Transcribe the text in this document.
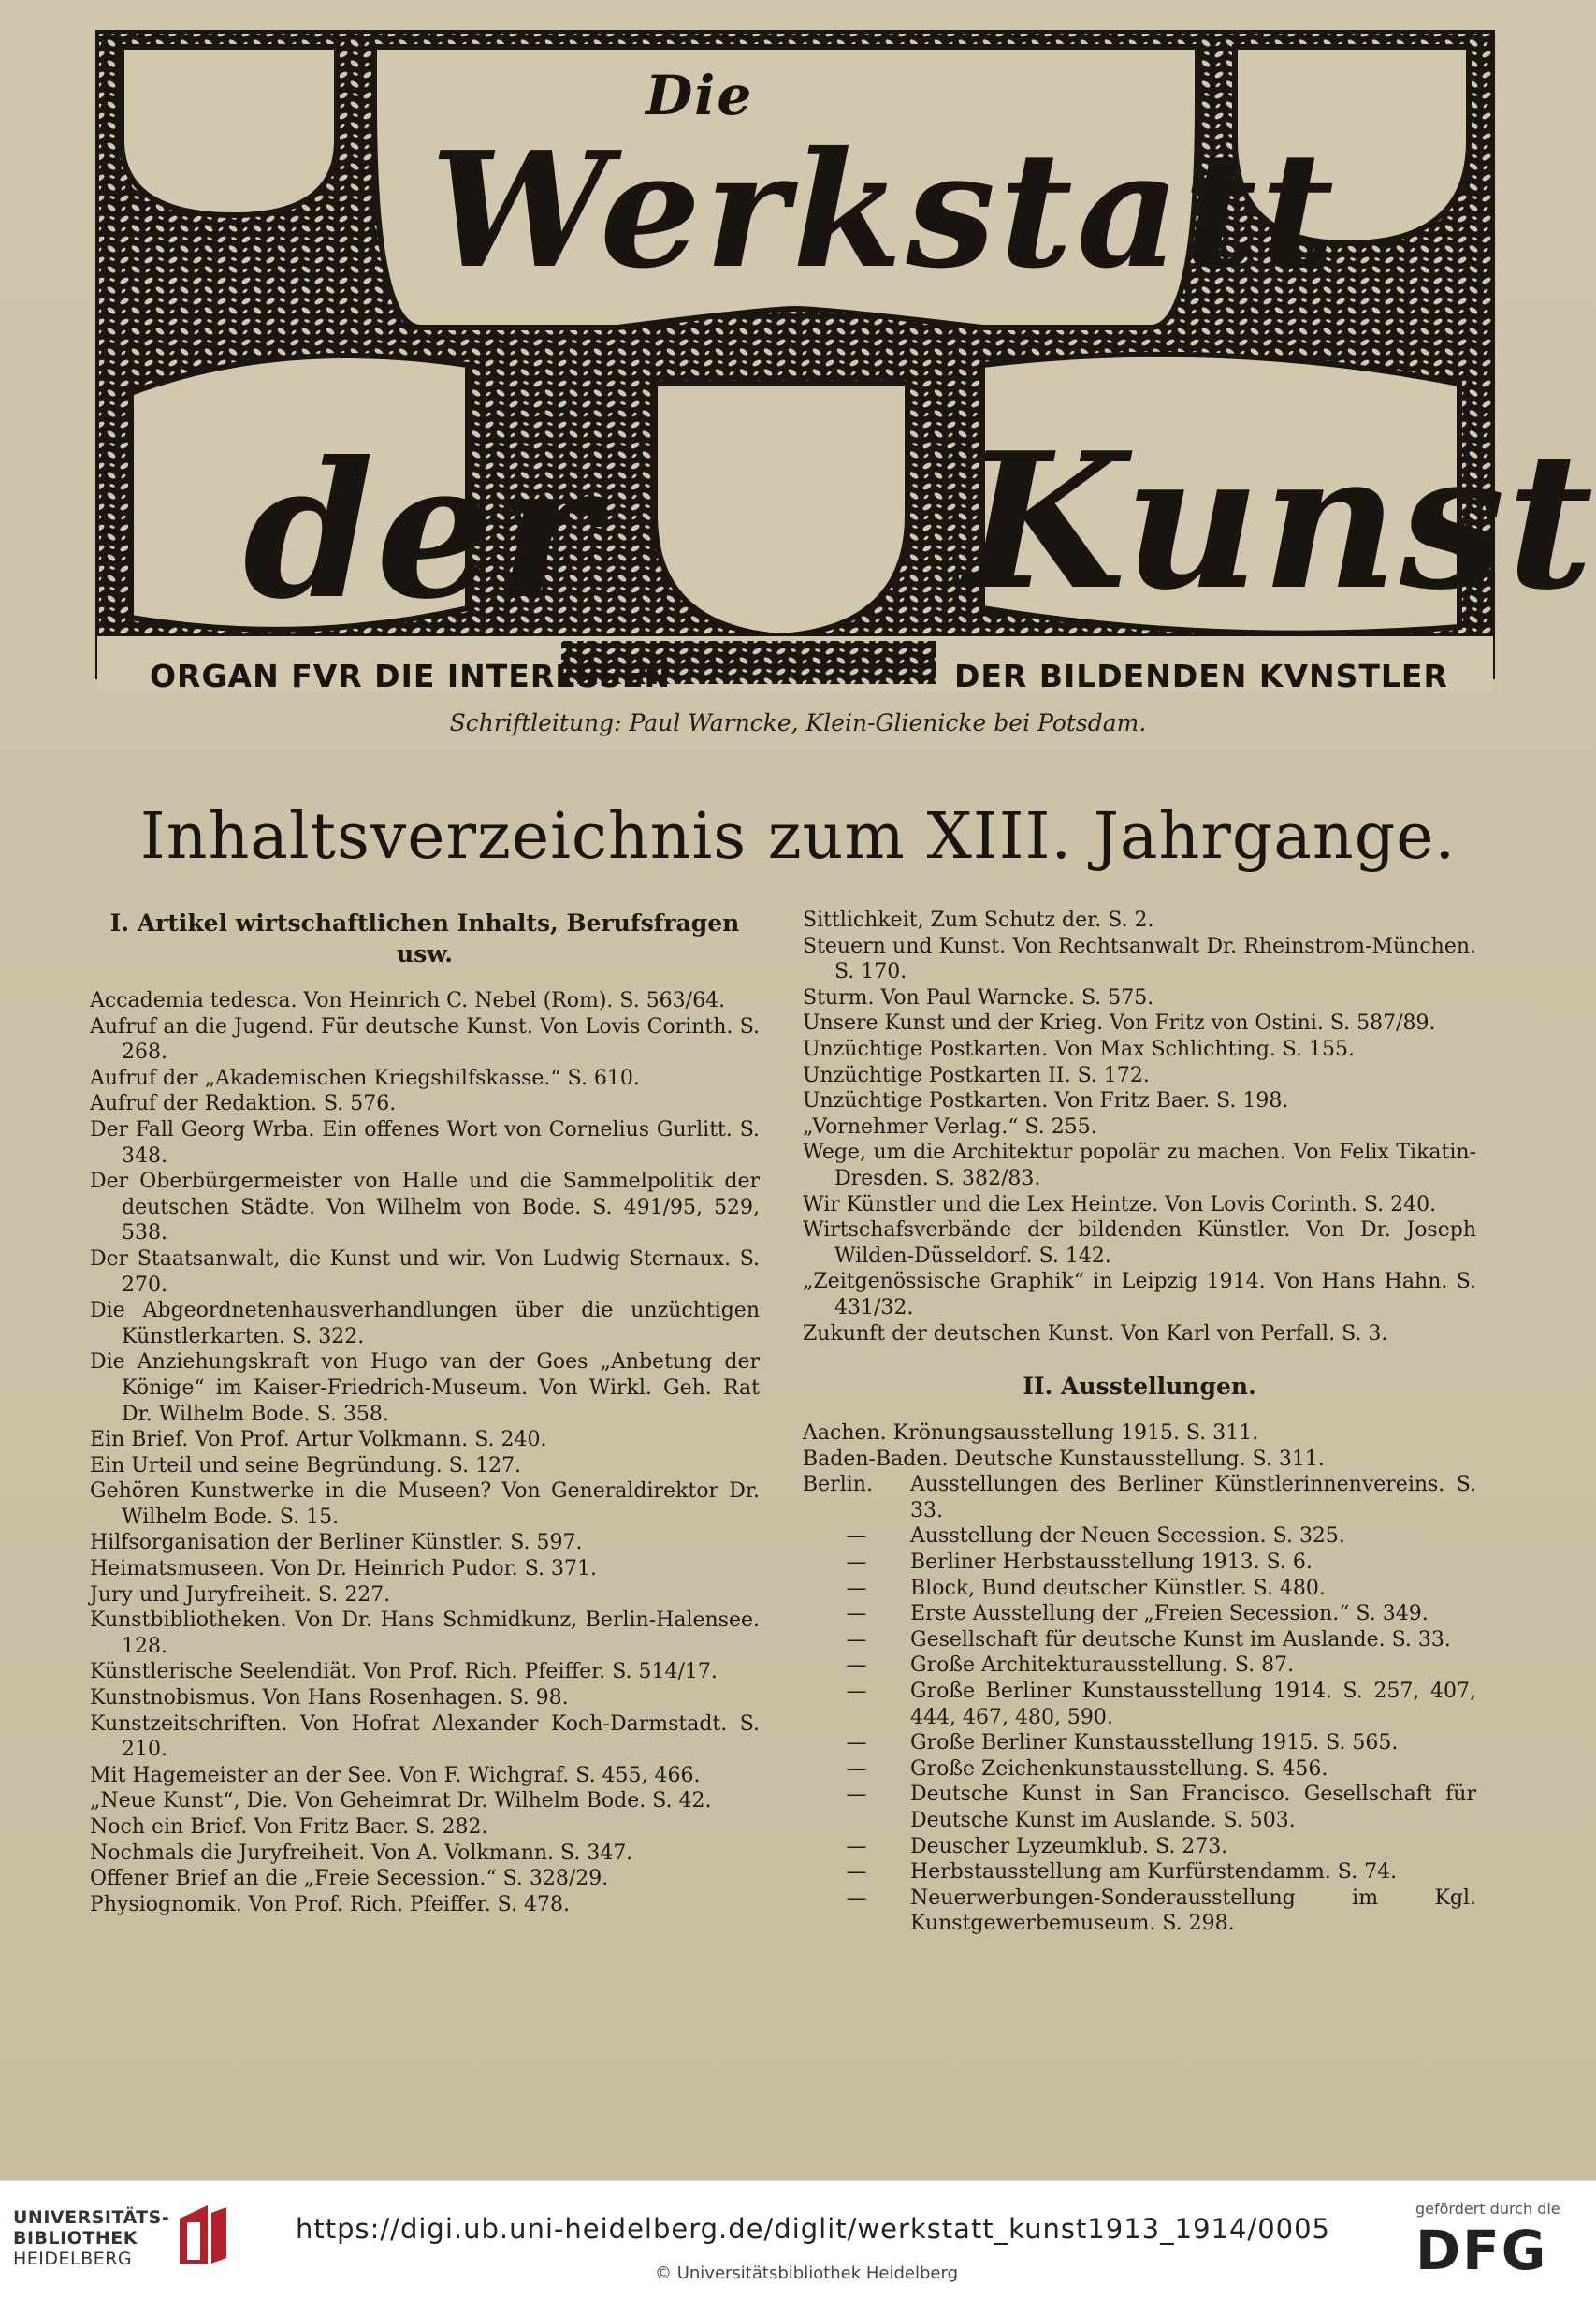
Die
Werkstatt
der Kunst
ORGAN FVR DIE INTERESSEN	DER BILDENDEN KVNSTLER
Schriftleitung: Paul Warncke, Klein-Glienicke bei Potsdam.
Inhaltsverzeichnis zum XIII. Jahrgange.
I. Artikel wirtschaftlichen Inhalts, Berufsfragen usw.

Accademia tedesca. Von Heinrich C. Nebel (Rom). S. 563/64.

Aufruf an die Jugend. Für deutsche Kunst. Von Lovis Corinth. S. 268.

Aufruf der „Akademischen Kriegshilfskasse.“ S. 610.

Aufruf der Redaktion. S. 576.

Der Fall Georg Wrba. Ein offenes Wort von Cornelius Gurlitt. S. 348.

Der Oberbürgermeister von Halle und die Sammelpolitik der deutschen Städte. Von Wilhelm von Bode. S. 491/95, 529, 538.

Der Staatsanwalt, die Kunst und wir. Von Ludwig Sternaux. S. 270.

Die Abgeordnetenhausverhandlungen über die unzüchtigen Künstlerkarten. S. 322.

Die Anziehungskraft von Hugo van der Goes „Anbetung der Könige“ im Kaiser-Friedrich-Museum. Von Wirkl. Geh. Rat Dr. Wilhelm Bode. S. 358.

Ein Brief. Von Prof. Artur Volkmann. S. 240.

Ein Urteil und seine Begründung. S. 127.

Gehören Kunstwerke in die Museen? Von Generaldirektor Dr. Wilhelm Bode. S. 15.

Hilfsorganisation der Berliner Künstler. S. 597.

Heimatsmuseen. Von Dr. Heinrich Pudor. S. 371.

Jury und Juryfreiheit. S. 227.

Kunstbibliotheken. Von Dr. Hans Schmidkunz, Berlin-Halensee. 128.

Künstlerische Seelendiät. Von Prof. Rich. Pfeiffer. S. 514/17.

Kunstnobismus. Von Hans Rosenhagen. S. 98.

Kunstzeitschriften. Von Hofrat Alexander Koch-Darmstadt. S. 210.

Mit Hagemeister an der See. Von F. Wichgraf. S. 455, 466.

„Neue Kunst“, Die. Von Geheimrat Dr. Wilhelm Bode. S. 42.

Noch ein Brief. Von Fritz Baer. S. 282.

Nochmals die Juryfreiheit. Von A. Volkmann. S. 347.

Offener Brief an die „Freie Secession.“ S. 328/29.

Physiognomik. Von Prof. Rich. Pfeiffer. S. 478.

Sittlichkeit, Zum Schutz der. S. 2.

Steuern und Kunst. Von Rechtsanwalt Dr. Rheinstrom-München. S. 170.

Sturm. Von Paul Warncke. S. 575.

Unsere Kunst und der Krieg. Von Fritz von Ostini. S. 587/89.

Unzüchtige Postkarten. Von Max Schlichting. S. 155.

Unzüchtige Postkarten II. S. 172.

Unzüchtige Postkarten. Von Fritz Baer. S. 198.

„Vornehmer Verlag.“ S. 255.

Wege, um die Architektur popolär zu machen. Von Felix Tikatin-Dresden. S. 382/83.

Wir Künstler und die Lex Heintze. Von Lovis Corinth. S. 240.

Wirtschafsverbände der bildenden Künstler. Von Dr. Joseph Wilden-Düsseldorf. S. 142.

„Zeitgenössische Graphik“ in Leipzig 1914. Von Hans Hahn. S. 431/32.

Zukunft der deutschen Kunst. Von Karl von Perfall. S. 3.

II. Ausstellungen.

Aachen. Krönungsausstellung 1915. S. 311.

Baden-Baden. Deutsche Kunstausstellung. S. 311.

Berlin.	Ausstellungen des Berliner Künstlerinnenvereins. S. 33.
—	Ausstellung der Neuen Secession. S. 325.
—	Berliner Herbstausstellung 1913. S. 6.
—	Block, Bund deutscher Künstler. S. 480.
—	Erste Ausstellung der „Freien Secession.“ S. 349.
—	Gesellschaft für deutsche Kunst im Auslande. S. 33.
—	Große Architekturausstellung. S. 87.
—	Große Berliner Kunstausstellung 1914. S. 257, 407, 444, 467, 480, 590.
—	Große Berliner Kunstausstellung 1915. S. 565.
—	Große Zeichenkunstausstellung. S. 456.
—	Deutsche Kunst in San Francisco. Gesellschaft für Deutsche Kunst im Auslande. S. 503.
—	Deuscher Lyzeumklub. S. 273.
—	Herbstausstellung am Kurfürstendamm. S. 74.
—	Neuerwerbungen-Sonderausstellung im Kgl. Kunstgewerbemuseum. S. 298.
UNIVERSITÄTS-
BIBLIOTHEK
HEIDELBERG
https://digi.ub.uni-heidelberg.de/diglit/werkstatt_kunst1913_1914/0005
© Universitätsbibliothek Heidelberg
gefördert durch die
DFG
